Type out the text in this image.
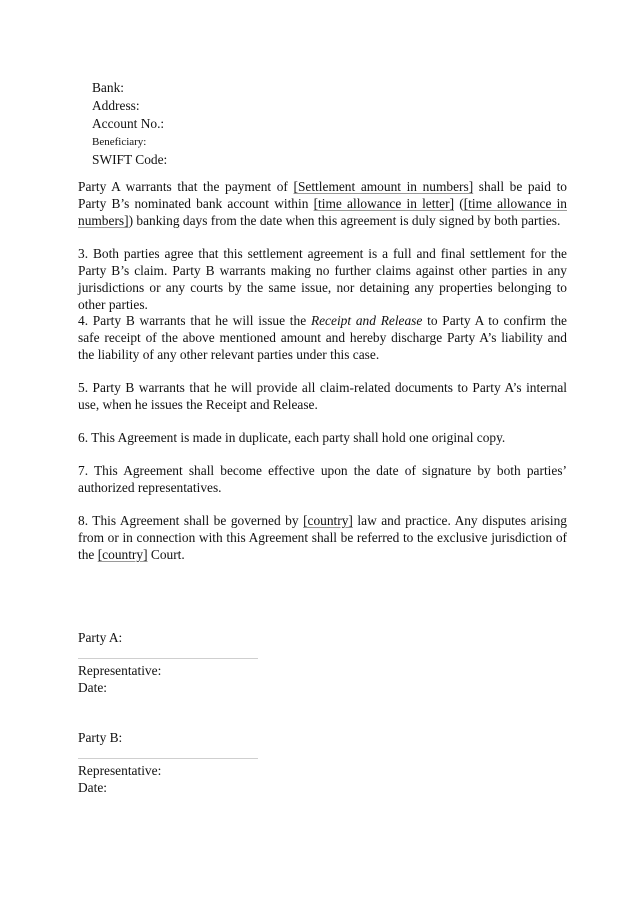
Bank:
Address:
Account No.:
Beneficiary:
SWIFT Code:

Party A warrants that the payment of [Settlement amount in numbers] shall be paid to Party B’s nominated bank account within [time allowance in letter] ([time allowance in numbers]) banking days from the date when this agreement is duly signed by both parties.

3. Both parties agree that this settlement agreement is a full and final settlement for the Party B’s claim. Party B warrants making no further claims against other parties in any jurisdictions or any courts by the same issue, nor detaining any properties belonging to other parties.

4. Party B warrants that he will issue the Receipt and Release to Party A to confirm the safe receipt of the above mentioned amount and hereby discharge Party A’s liability and the liability of any other relevant parties under this case.

5. Party B warrants that he will provide all claim-related documents to Party A’s internal use, when he issues the Receipt and Release.

6. This Agreement is made in duplicate, each party shall hold one original copy.

7. This Agreement shall become effective upon the date of signature by both parties’ authorized representatives.

8. This Agreement shall be governed by [country] law and practice. Any disputes arising from or in connection with this Agreement shall be referred to the exclusive jurisdiction of the [country] Court.

Party A:
Representative:
Date:
Party B:
Representative:
Date:
